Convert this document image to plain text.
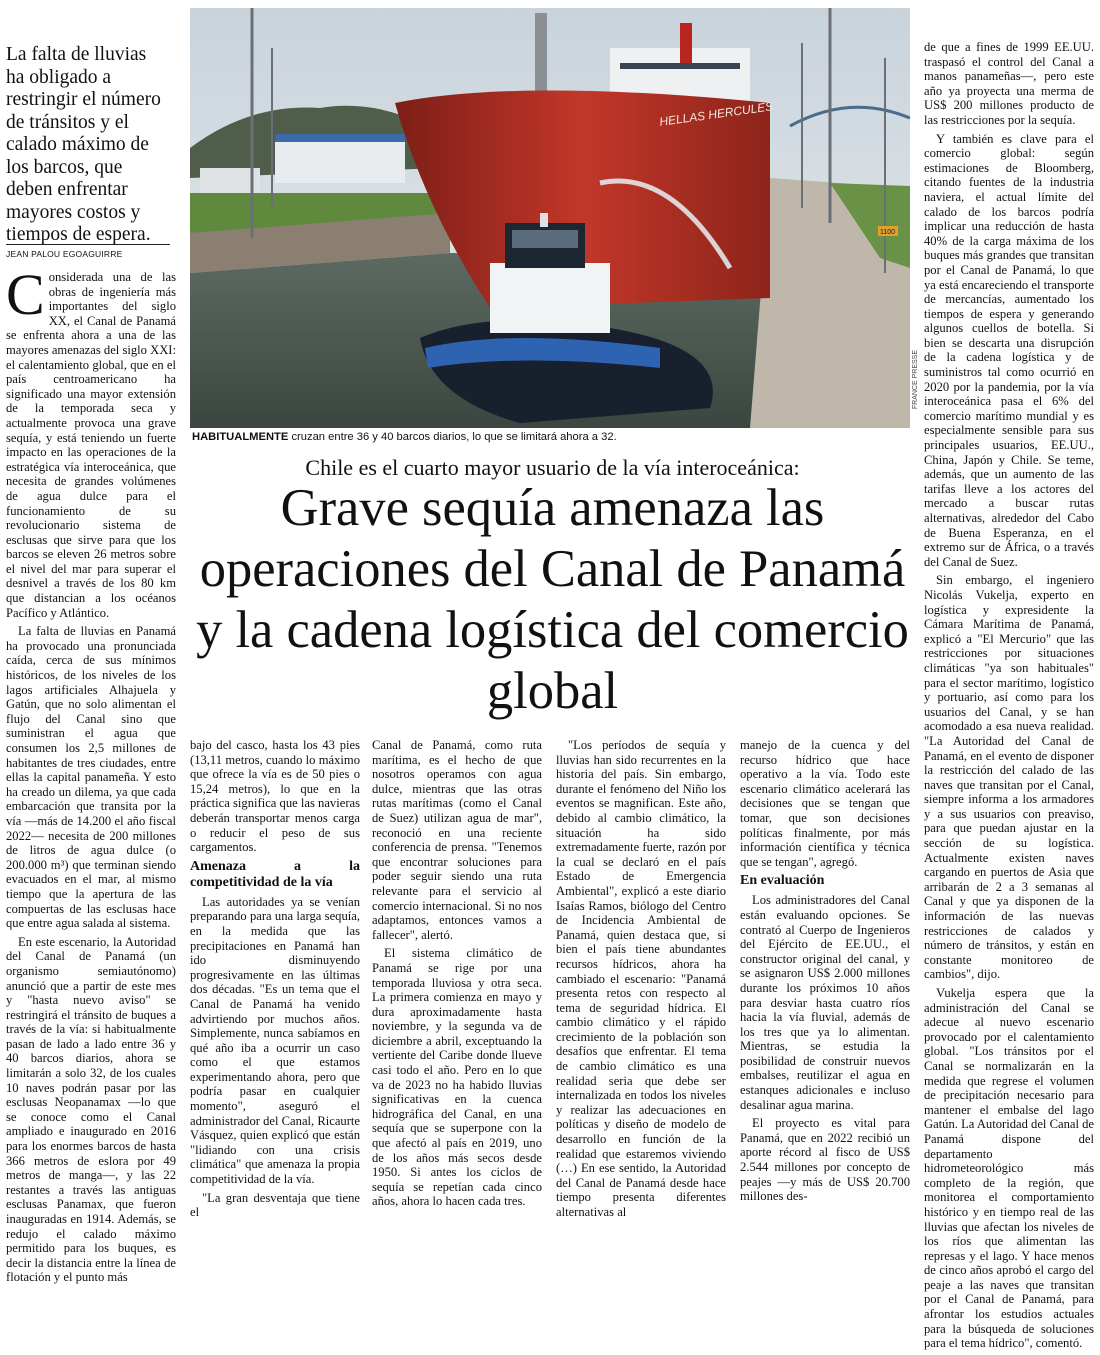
La falta de lluvias ha obligado a restringir el número de tránsitos y el calado máximo de los barcos, que deben enfrentar mayores costos y tiempos de espera.
JEAN PALOU EGOAGUIRRE
HELLAS HERCULES
1100
FRANCE PRESSE
HABITUALMENTE cruzan entre 36 y 40 barcos diarios, lo que se limitará ahora a 32.
Chile es el cuarto mayor usuario de la vía interoceánica:
Grave sequía amenaza las operaciones del Canal de Panamá y la cadena logística del comercio global

Considerada una de las obras de ingeniería más importantes del siglo XX, el Canal de Panamá se enfrenta ahora a una de las mayores amenazas del siglo XXI: el calentamiento global, que en el país centroamericano ha significado una mayor extensión de la temporada seca y actualmente provoca una grave sequía, y está teniendo un fuerte impacto en las operaciones de la estratégica vía interoceánica, que necesita de grandes volúmenes de agua dulce para el funcionamiento de su revolucionario sistema de esclusas que sirve para que los barcos se eleven 26 metros sobre el nivel del mar para superar el desnivel a través de los 80 km que distancian a los océanos Pacífico y Atlántico.

La falta de lluvias en Panamá ha provocado una pronunciada caída, cerca de sus mínimos históricos, de los niveles de los lagos artificiales Alhajuela y Gatún, que no solo alimentan el flujo del Canal sino que suministran el agua que consumen los 2,5 millones de habitantes de tres ciudades, entre ellas la capital panameña. Y esto ha creado un dilema, ya que cada embarcación que transita por la vía —más de 14.200 el año fiscal 2022— necesita de 200 millones de litros de agua dulce (o 200.000 m³) que terminan siendo evacuados en el mar, al mismo tiempo que la apertura de las compuertas de las esclusas hace que entre agua salada al sistema.

En este escenario, la Autoridad del Canal de Panamá (un organismo semiautónomo) anunció que a partir de este mes y "hasta nuevo aviso" se restringirá el tránsito de buques a través de la vía: si habitualmente pasan de lado a lado entre 36 y 40 barcos diarios, ahora se limitarán a solo 32, de los cuales 10 naves podrán pasar por las esclusas Neopanamax —lo que se conoce como el Canal ampliado e inaugurado en 2016 para los enormes barcos de hasta 366 metros de eslora por 49 metros de manga—, y las 22 restantes a través las antiguas esclusas Panamax, que fueron inauguradas en 1914. Además, se redujo el calado máximo permitido para los buques, es decir la distancia entre la línea de flotación y el punto más

bajo del casco, hasta los 43 pies (13,11 metros, cuando lo máximo que ofrece la vía es de 50 pies o 15,24 metros), lo que en la práctica significa que las navieras deberán transportar menos carga o reducir el peso de sus cargamentos.

Amenaza a la competitividad de la vía

Las autoridades ya se venían preparando para una larga sequía, en la medida que las precipitaciones en Panamá han ido disminuyendo progresivamente en las últimas dos décadas. "Es un tema que el Canal de Panamá ha venido advirtiendo por muchos años. Simplemente, nunca sabíamos en qué año iba a ocurrir un caso como el que estamos experimentando ahora, pero que podría pasar en cualquier momento", aseguró el administrador del Canal, Ricaurte Vásquez, quien explicó que están "lidiando con una crisis climática" que amenaza la propia competitividad de la vía.

"La gran desventaja que tiene el

Canal de Panamá, como ruta marítima, es el hecho de que nosotros operamos con agua dulce, mientras que las otras rutas marítimas (como el Canal de Suez) utilizan agua de mar", reconoció en una reciente conferencia de prensa. "Tenemos que encontrar soluciones para poder seguir siendo una ruta relevante para el servicio al comercio internacional. Si no nos adaptamos, entonces vamos a fallecer", alertó.

El sistema climático de Panamá se rige por una temporada lluviosa y otra seca. La primera comienza en mayo y dura aproximadamente hasta noviembre, y la segunda va de diciembre a abril, exceptuando la vertiente del Caribe donde llueve casi todo el año. Pero en lo que va de 2023 no ha habido lluvias significativas en la cuenca hidrográfica del Canal, en una sequía que se superpone con la que afectó al país en 2019, uno de los años más secos desde 1950. Si antes los ciclos de sequía se repetían cada cinco años, ahora lo hacen cada tres.

"Los períodos de sequía y lluvias han sido recurrentes en la historia del país. Sin embargo, durante el fenómeno del Niño los eventos se magnifican. Este año, debido al cambio climático, la situación ha sido extremadamente fuerte, razón por la cual se declaró en el país Estado de Emergencia Ambiental", explicó a este diario Isaías Ramos, biólogo del Centro de Incidencia Ambiental de Panamá, quien destaca que, si bien el país tiene abundantes recursos hídricos, ahora ha cambiado el escenario: "Panamá presenta retos con respecto al tema de seguridad hídrica. El cambio climático y el rápido crecimiento de la población son desafíos que enfrentar. El tema de cambio climático es una realidad seria que debe ser internalizada en todos los niveles y realizar las adecuaciones en políticas y diseño de modelo de desarrollo en función de la realidad que estaremos viviendo (…) En ese sentido, la Autoridad del Canal de Panamá desde hace tiempo presenta diferentes alternativas al

manejo de la cuenca y del recurso hídrico que hace operativo a la vía. Todo este escenario climático acelerará las decisiones que se tengan que tomar, que son decisiones políticas finalmente, por más información científica y técnica que se tengan", agregó.

En evaluación

Los administradores del Canal están evaluando opciones. Se contrató al Cuerpo de Ingenieros del Ejército de EE.UU., el constructor original del canal, y se asignaron US$ 2.000 millones durante los próximos 10 años para desviar hasta cuatro ríos hacia la vía fluvial, además de los tres que ya lo alimentan. Mientras, se estudia la posibilidad de construir nuevos embalses, reutilizar el agua en estanques adicionales e incluso desalinar agua marina.

El proyecto es vital para Panamá, que en 2022 recibió un aporte récord al fisco de US$ 2.544 millones por concepto de peajes —y más de US$ 20.700 millones des-

de que a fines de 1999 EE.UU. traspasó el control del Canal a manos panameñas—, pero este año ya proyecta una merma de US$ 200 millones producto de las restricciones por la sequía.

Y también es clave para el comercio global: según estimaciones de Bloomberg, citando fuentes de la industria naviera, el actual límite del calado de los barcos podría implicar una reducción de hasta 40% de la carga máxima de los buques más grandes que transitan por el Canal de Panamá, lo que ya está encareciendo el transporte de mercancías, aumentado los tiempos de espera y generando algunos cuellos de botella. Si bien se descarta una disrupción de la cadena logística y de suministros tal como ocurrió en 2020 por la pandemia, por la vía interoceánica pasa el 6% del comercio marítimo mundial y es especialmente sensible para sus principales usuarios, EE.UU., China, Japón y Chile. Se teme, además, que un aumento de las tarifas lleve a los actores del mercado a buscar rutas alternativas, alrededor del Cabo de Buena Esperanza, en el extremo sur de África, o a través del Canal de Suez.

Sin embargo, el ingeniero Nicolás Vukelja, experto en logística y expresidente la Cámara Marítima de Panamá, explicó a "El Mercurio" que las restricciones por situaciones climáticas "ya son habituales" para el sector marítimo, logístico y portuario, así como para los usuarios del Canal, y se han acomodado a esa nueva realidad. "La Autoridad del Canal de Panamá, en el evento de disponer la restricción del calado de las naves que transitan por el Canal, siempre informa a los armadores y a sus usuarios con preaviso, para que puedan ajustar en la sección de su logística. Actualmente existen naves cargando en puertos de Asia que arribarán de 2 a 3 semanas al Canal y que ya disponen de la información de las nuevas restricciones de calados y número de tránsitos, y están en constante monitoreo de cambios", dijo.

Vukelja espera que la administración del Canal se adecue al nuevo escenario provocado por el calentamiento global. "Los tránsitos por el Canal se normalizarán en la medida que regrese el volumen de precipitación necesario para mantener el embalse del lago Gatún. La Autoridad del Canal de Panamá dispone del departamento hidrometeorológico más completo de la región, que monitorea el comportamiento histórico y en tiempo real de las lluvias que afectan los niveles de los ríos que alimentan las represas y el lago. Y hace menos de cinco años aprobó el cargo del peaje a las naves que transitan por el Canal de Panamá, para afrontar los estudios actuales para la búsqueda de soluciones para el tema hídrico", comentó.
